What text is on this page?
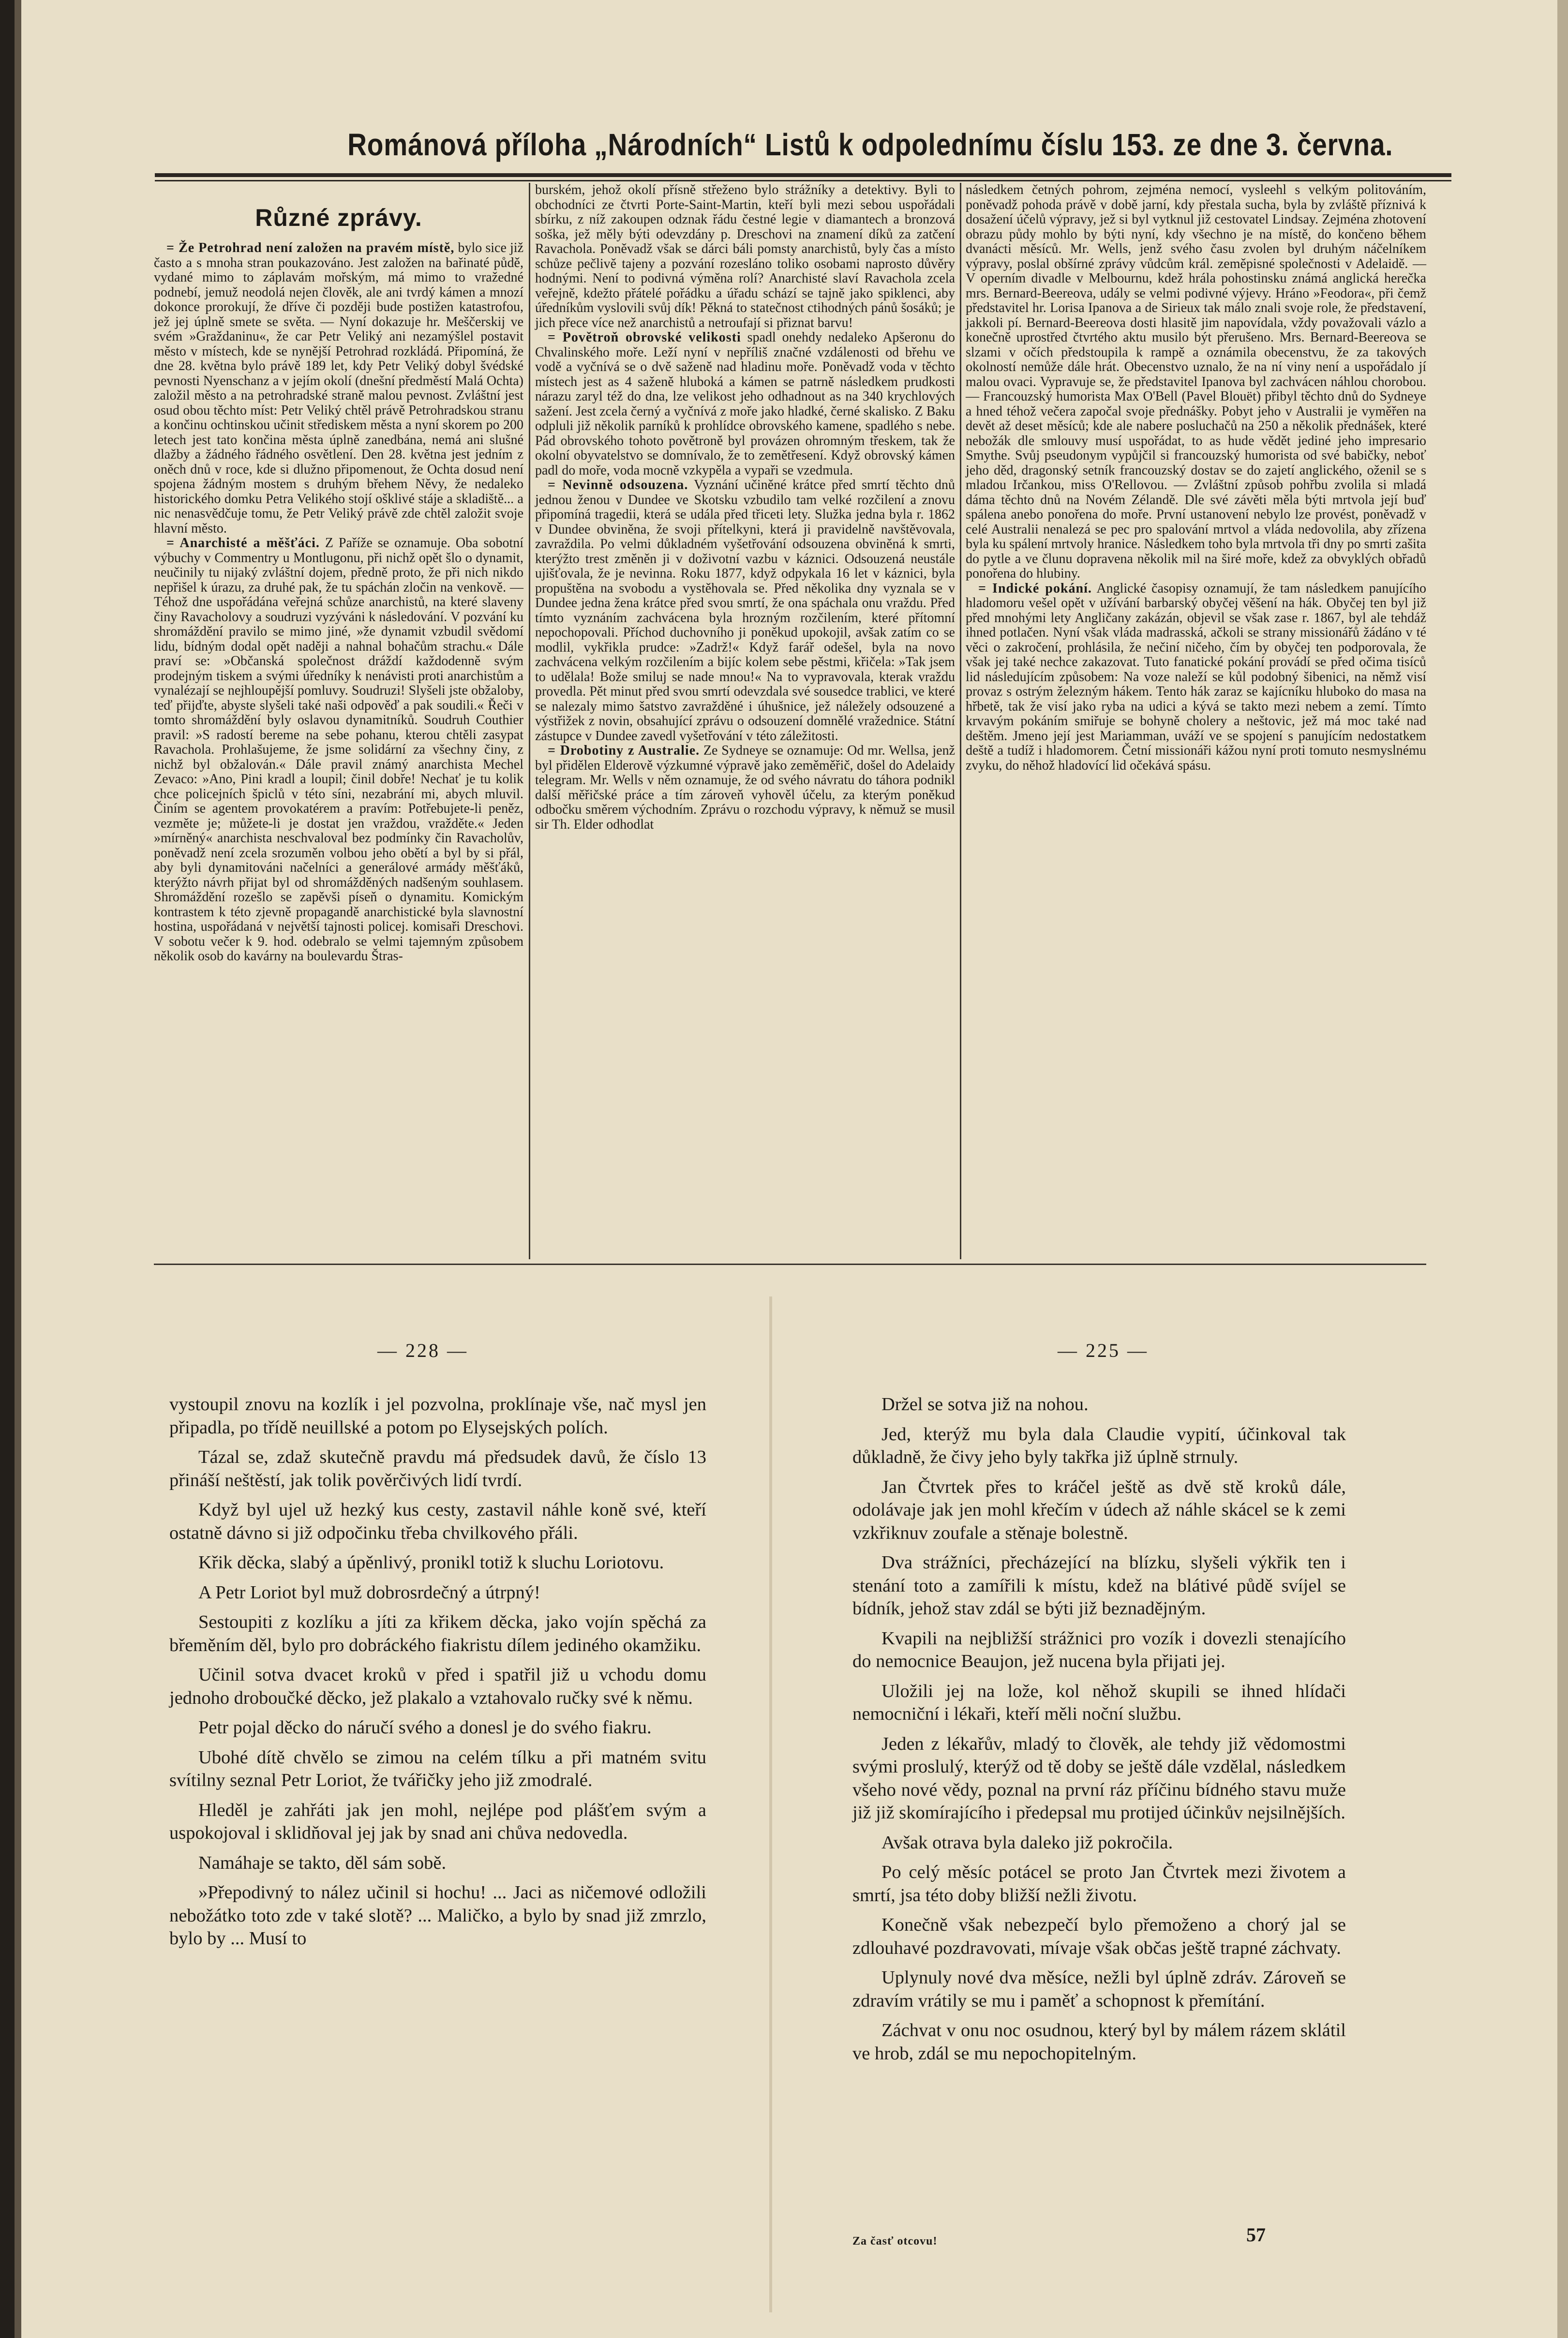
Románová příloha „Národních“ Listů k odpolednímu číslu 153. ze dne 3. června.
Různé zprávy.

= Že Petrohrad není založen na pravém místě, bylo sice již často a s mnoha stran poukazováno. Jest založen na bařinaté půdě, vydané mimo to záplavám mořským, má mimo to vražedné podnebí, jemuž neodolá nejen člověk, ale ani tvrdý kámen a mnozí dokonce prorokují, že dříve či později bude postižen katastrofou, jež jej úplně smete se světa. — Nyní dokazuje hr. Meščerskij ve svém »Graždaninu«, že car Petr Veliký ani nezamýšlel postavit město v místech, kde se nynější Petrohrad rozkládá. Připomíná, že dne 28. května bylo právě 189 let, kdy Petr Veliký dobyl švédské pevnosti Nyenschanz a v jejím okolí (dnešní předměstí Malá Ochta) založil město a na petrohradské straně malou pevnost. Zvláštní jest osud obou těchto míst: Petr Veliký chtěl právě Petrohradskou stranu a končinu ochtinskou učinit střediskem města a nyní skorem po 200 letech jest tato končina města úplně zanedbána, nemá ani slušné dlažby a žádného řádného osvětlení. Den 28. května jest jedním z oněch dnů v roce, kde si dlužno připomenout, že Ochta dosud není spojena žádným mostem s druhým břehem Něvy, že nedaleko historického domku Petra Velikého stojí ošklivé stáje a skladiště... a nic nenasvědčuje tomu, že Petr Veliký právě zde chtěl založit svoje hlavní město.

= Anarchisté a měšťáci. Z Paříže se oznamuje. Oba sobotní výbuchy v Commentry u Montlugonu, při nichž opět šlo o dynamit, neučinily tu nijaký zvláštní dojem, předně proto, že při nich nikdo nepřišel k úrazu, za druhé pak, že tu spáchán zločin na venkově. — Téhož dne uspořádána veřejná schůze anarchistů, na které slaveny činy Ravacholovy a soudruzi vyzýváni k následování. V pozvání ku shromáždění pravilo se mimo jiné, »že dynamit vzbudil svědomí lidu, bídným dodal opět naději a nahnal bohačům strachu.« Dále praví se: »Občanská společnost dráždí každodenně svým prodejným tiskem a svými úředníky k nenávisti proti anarchistům a vynalézají se nejhloupější pomluvy. Soudruzi! Slyšeli jste obžaloby, teď přijďte, abyste slyšeli také naši odpověď a pak soudili.« Řeči v tomto shromáždění byly oslavou dynamitníků. Soudruh Couthier pravil: »S radostí bereme na sebe pohanu, kterou chtěli zasypat Ravachola. Prohlašujeme, že jsme solidární za všechny činy, z nichž byl obžalován.« Dále pravil známý anarchista Mechel Zevaco: »Ano, Pini kradl a loupil; činil dobře! Nechať je tu kolik chce policejních špiclů v této síni, nezabrání mi, abych mluvil. Činím se agentem provokatérem a pravím: Potřebujete-li peněz, vezměte je; můžete-li je dostat jen vraždou, vražděte.« Jeden »mírněný« anarchista neschvaloval bez podmínky čin Ravacholův, poněvadž není zcela srozuměn volbou jeho obětí a byl by si přál, aby byli dynamitováni načelníci a generálové armády měšťáků, kterýžto návrh přijat byl od shromážděných nadšeným souhlasem. Shromáždění rozešlo se zapěvši píseň o dynamitu. Komickým kontrastem k této zjevně propagandě anarchistické byla slavnostní hostina, uspořádaná v největší tajnosti policej. komisaři Dreschovi. V sobotu večer k 9. hod. odebralo se velmi tajemným způsobem několik osob do kavárny na boulevardu Štras-

burském, jehož okolí přísně střeženo bylo strážníky a detektivy. Byli to obchodníci ze čtvrti Porte-Saint-Martin, kteří byli mezi sebou uspořádali sbírku, z níž zakoupen odznak řádu čestné legie v diamantech a bronzová soška, jež měly býti odevzdány p. Dreschovi na znamení díků za zatčení Ravachola. Poněvadž však se dárci báli pomsty anarchistů, byly čas a místo schůze pečlivě tajeny a pozvání rozesláno toliko osobami naprosto důvěry hodnými. Není to podivná výměna rolí? Anarchisté slaví Ravachola zcela veřejně, kdežto přátelé pořádku a úřadu schází se tajně jako spiklenci, aby úředníkům vyslovili svůj dík! Pěkná to statečnost ctihodných pánů šosáků; je jich přece více než anarchistů a netroufají si přiznat barvu!

= Povětroň obrovské velikosti spadl onehdy nedaleko Apšeronu do Chvalinského moře. Leží nyní v nepříliš značné vzdálenosti od břehu ve vodě a vyčnívá se o dvě saženě nad hladinu moře. Poněvadž voda v těchto místech jest as 4 saženě hluboká a kámen se patrně následkem prudkosti nárazu zaryl též do dna, lze velikost jeho odhadnout as na 340 krychlových sažení. Jest zcela černý a vyčnívá z moře jako hladké, černé skalisko. Z Baku odpluli již několik parníků k prohlídce obrovského kamene, spadlého s nebe. Pád obrovského tohoto povětroně byl provázen ohromným třeskem, tak že okolní obyvatelstvo se domnívalo, že to zemětřesení. Když obrovský kámen padl do moře, voda mocně vzkypěla a vypaři se vzedmula.

= Nevinně odsouzena. Vyznání učiněné krátce před smrtí těchto dnů jednou ženou v Dundee ve Skotsku vzbudilo tam velké rozčilení a znovu připomíná tragedii, která se udála před třiceti lety. Služka jedna byla r. 1862 v Dundee obviněna, že svoji přítelkyni, která ji pravidelně navštěvovala, zavraždila. Po velmi důkladném vyšetřování odsouzena obviněná k smrti, kterýžto trest změněn ji v doživotní vazbu v káznici. Odsouzená neustále ujišťovala, že je nevinna. Roku 1877, když odpykala 16 let v káznici, byla propuštěna na svobodu a vystěhovala se. Před několika dny vyznala se v Dundee jedna žena krátce před svou smrtí, že ona spáchala onu vraždu. Před tímto vyznáním zachvácena byla hrozným rozčilením, které přítomní nepochopovali. Příchod duchovního ji poněkud upokojil, avšak zatím co se modlil, vykřikla prudce: »Zadrž!« Když farář odešel, byla na novo zachvácena velkým rozčilením a bijíc kolem sebe pěstmi, křičela: »Tak jsem to udělala! Bože smiluj se nade mnou!« Na to vypravovala, kterak vraždu provedla. Pět minut před svou smrtí odevzdala své sousedce trablici, ve které se nalezaly mimo šatstvo zavražděné i úhušnice, jež náležely odsouzené a výstřižek z novin, obsahující zprávu o odsouzení domnělé vražednice. Státní zástupce v Dundee zavedl vyšetřování v této záležitosti.

= Drobotiny z Australie. Ze Sydneye se oznamuje: Od mr. Wellsa, jenž byl přidělen Elderově výzkumné výpravě jako zeměměřič, došel do Adelaidy telegram. Mr. Wells v něm oznamuje, že od svého návratu do táhora podnikl další měřičské práce a tím zároveň vyhověl účelu, za kterým poněkud odbočku směrem východním. Zprávu o rozchodu výpravy, k němuž se musil sir Th. Elder odhodlat

následkem četných pohrom, zejména nemocí, vysleehl s velkým politováním, poněvadž pohoda právě v době jarní, kdy přestala sucha, byla by zvláště příznivá k dosažení účelů výpravy, jež si byl vytknul již cestovatel Lindsay. Zejména zhotovení obrazu půdy mohlo by býti nyní, kdy všechno je na místě, do končeno během dvanácti měsíců. Mr. Wells, jenž svého času zvolen byl druhým náčelníkem výpravy, poslal obšírné zprávy vůdcům král. zeměpisné společnosti v Adelaidě. — V operním divadle v Melbournu, kdež hrála pohostinsku známá anglická herečka mrs. Bernard-Beereova, udály se velmi podivné výjevy. Hráno »Feodora«, při čemž představitel hr. Lorisa Ipanova a de Sirieux tak málo znali svoje role, že představení, jakkoli pí. Bernard-Beereova dosti hlasitě jim napovídala, vždy považovali vázlo a konečně uprostřed čtvrtého aktu musilo být přerušeno. Mrs. Bernard-Beereova se slzami v očích předstoupila k rampě a oznámila obecenstvu, že za takových okolností nemůže dále hrát. Obecenstvo uznalo, že na ní viny není a uspořádalo jí malou ovaci. Vypravuje se, že představitel Ipanova byl zachvácen náhlou chorobou. — Francouzský humorista Max O'Bell (Pavel Blouët) přibyl těchto dnů do Sydneye a hned téhož večera započal svoje přednášky. Pobyt jeho v Australii je vyměřen na devět až deset měsíců; kde ale nabere posluchačů na 250 a několik přednášek, které nebožák dle smlouvy musí uspořádat, to as hude vědět jediné jeho impresario Smythe. Svůj pseudonym vypůjčil si francouzský humorista od své babičky, neboť jeho děd, dragonský setník francouzský dostav se do zajetí anglického, oženil se s mladou Irčankou, miss O'Rellovou. — Zvláštní způsob pohřbu zvolila si mladá dáma těchto dnů na Novém Zélandě. Dle své závěti měla býti mrtvola její buď spálena anebo ponořena do moře. První ustanovení nebylo lze provést, poněvadž v celé Australii nenalezá se pec pro spalování mrtvol a vláda nedovolila, aby zřízena byla ku spálení mrtvoly hranice. Následkem toho byla mrtvola tři dny po smrti zašita do pytle a ve člunu dopravena několik mil na širé moře, kdež za obvyklých obřadů ponořena do hlubiny.

= Indické pokání. Anglické časopisy oznamují, že tam následkem panujícího hladomoru vešel opět v užívání barbarský obyčej věšení na hák. Obyčej ten byl již před mnohými lety Angličany zakázán, objevil se však zase r. 1867, byl ale tehdáž ihned potlačen. Nyní však vláda madrasská, ačkoli se strany missionářů žádáno v té věci o zakročení, prohlásila, že nečiní ničeho, čím by obyčej ten podporovala, že však jej také nechce zakazovat. Tuto fanatické pokání provádí se před očima tisíců lid následujícím způsobem: Na voze naleží se kůl podobný šibenici, na němž visí provaz s ostrým železným hákem. Tento hák zaraz se kajícníku hluboko do masa na hřbetě, tak že visí jako ryba na udici a kývá se takto mezi nebem a zemí. Tímto krvavým pokáním smiřuje se bohyně cholery a neštovic, jež má moc také nad deštěm. Jmeno její jest Mariamman, uváží ve se spojení s panujícím nedostatkem deště a tudíž i hladomorem. Četní missionáři kážou nyní proti tomuto nesmyslnému zvyku, do něhož hladovící lid očekává spásu.

— 228 —	— 225 —

vystoupil znovu na kozlík i jel pozvolna, proklínaje vše, nač mysl jen připadla, po třídě neuillské a potom po Elysejských polích.

Tázal se, zdaž skutečně pravdu má předsudek davů, že číslo 13 přináší neštěstí, jak tolik pověrčivých lidí tvrdí.

Když byl ujel už hezký kus cesty, zastavil náhle koně své, kteří ostatně dávno si již odpočinku třeba chvilkového přáli.

Křik děcka, slabý a úpěnlivý, pronikl totiž k sluchu Loriotovu.

A Petr Loriot byl muž dobrosrdečný a útrpný!

Sestoupiti z kozlíku a jíti za křikem děcka, jako vojín spěchá za břeměním děl, bylo pro dobráckého fiakristu dílem jediného okamžiku.

Učinil sotva dvacet kroků v před i spatřil již u vchodu domu jednoho droboučké děcko, jež plakalo a vztahovalo ručky své k němu.

Petr pojal děcko do náručí svého a donesl je do svého fiakru.

Ubohé dítě chvělo se zimou na celém tílku a při matném svitu svítilny seznal Petr Loriot, že tvářičky jeho již zmodralé.

Hleděl je zahřáti jak jen mohl, nejlépe pod plášťem svým a uspokojoval i sklidňoval jej jak by snad ani chůva nedovedla.

Namáhaje se takto, děl sám sobě.

»Přepodivný to nález učinil si hochu! ... Jaci as ničemové odložili nebožátko toto zde v také slotě? ... Maličko, a bylo by snad již zmrzlo, bylo by ... Musí to

Držel se sotva již na nohou.

Jed, kterýž mu byla dala Claudie vypití, účinkoval tak důkladně, že čivy jeho byly takřka již úplně strnuly.

Jan Čtvrtek přes to kráčel ještě as dvě stě kroků dále, odolávaje jak jen mohl křečím v údech až náhle skácel se k zemi vzkřiknuv zoufale a stěnaje bolestně.

Dva strážníci, přecházející na blízku, slyšeli výkřik ten i stenání toto a zamířili k místu, kdež na blátivé půdě svíjel se bídník, jehož stav zdál se býti již beznadějným.

Kvapili na nejbližší strážnici pro vozík i dovezli stenajícího do nemocnice Beaujon, jež nucena byla přijati jej.

Uložili jej na lože, kol něhož skupili se ihned hlídači nemocniční i lékaři, kteří měli noční službu.

Jeden z lékařův, mladý to člověk, ale tehdy již vědomostmi svými proslulý, kterýž od tě doby se ještě dále vzdělal, následkem všeho nové vědy, poznal na první ráz příčinu bídného stavu muže již již skomírajícího i předepsal mu protijed účinkův nejsilnějších.

Avšak otrava byla daleko již pokročila.

Po celý měsíc potácel se proto Jan Čtvrtek mezi životem a smrtí, jsa této doby bližší nežli životu.

Konečně však nebezpečí bylo přemoženo a chorý jal se zdlouhavé pozdravovati, mívaje však občas ještě trapné záchvaty.

Uplynuly nové dva měsíce, nežli byl úplně zdráv. Zároveň se zdravím vrátily se mu i paměť a schopnost k přemítání.

Záchvat v onu noc osudnou, který byl by málem rázem sklátil ve hrob, zdál se mu nepochopitelným.

Za časť otcovu!	57
